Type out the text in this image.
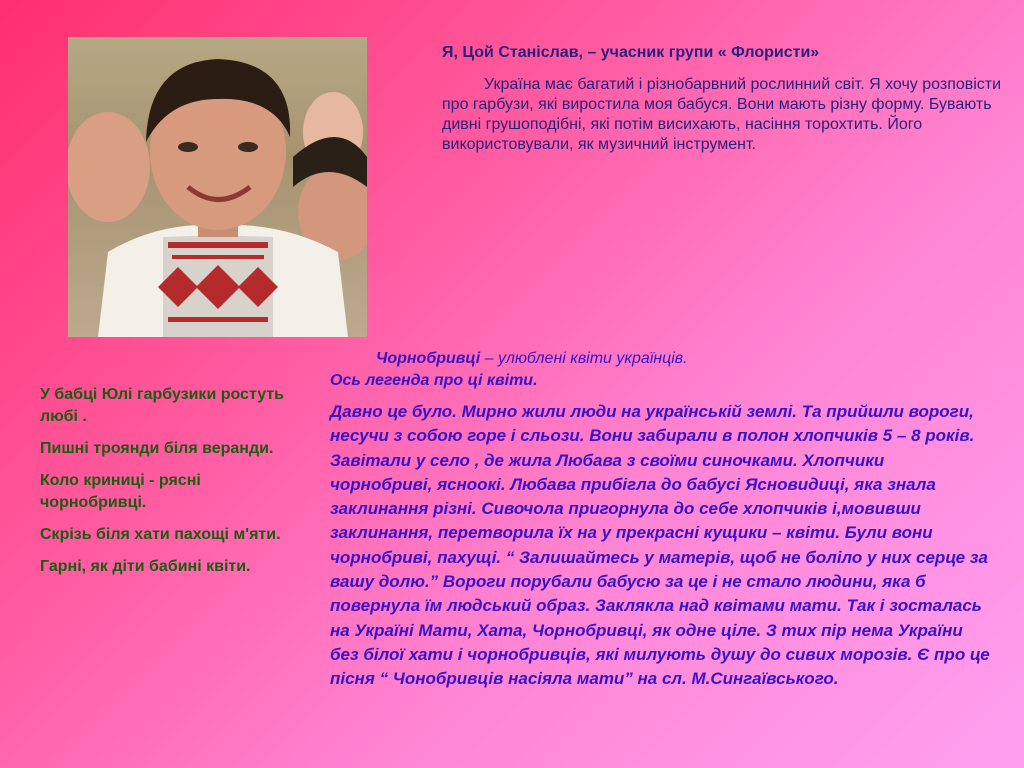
Я, Цой Станіслав, – учасник групи « Флористи»
Україна має багатий і різнобарвний рослинний світ. Я хочу розповісти про гарбузи, які виростила моя бабуся. Вони мають різну форму. Бувають дивні грушоподібні, які потім висихають, насіння торохтить. Його використовували, як музичний інструмент.

У бабці Юлі гарбузики ростуть любі .

Пишні троянди біля веранди.

Коло криниці - рясні чорнобривці.

Скрізь біля хати пахощі м'яти.

Гарні, як діти бабині квіти.

Чорнобривці – улюблені квіти українців.
Ось легенда про ці квіти.
Давно це було. Мирно жили люди на українській землі. Та прийшли вороги, несучи з собою горе і сльози. Вони забирали в полон хлопчиків 5 – 8 років. Завітали у село , де жила Любава з своїми синочками. Хлопчики чорнобриві, ясноокі. Любава прибігла до бабусі Ясновидиці, яка знала заклинання різні. Сивочола пригорнула до себе хлопчиків і,мовивши заклинання, перетворила їх на у прекрасні кущики – квіти. Були вони чорнобриві, пахущі. “ Залишайтесь у матерів, щоб не боліло у них серце за вашу долю.” Вороги порубали бабусю за це і не стало людини, яка б повернула їм людський образ. Заклякла над квітами мати. Так і зосталась на Україні Мати, Хата, Чорнобривці, як одне ціле. З тих пір нема України без білої хати і чорнобривців, які милують душу до сивих морозів. Є про це пісня “ Чонобривців насіяла мати” на сл. М.Сингаївського.
